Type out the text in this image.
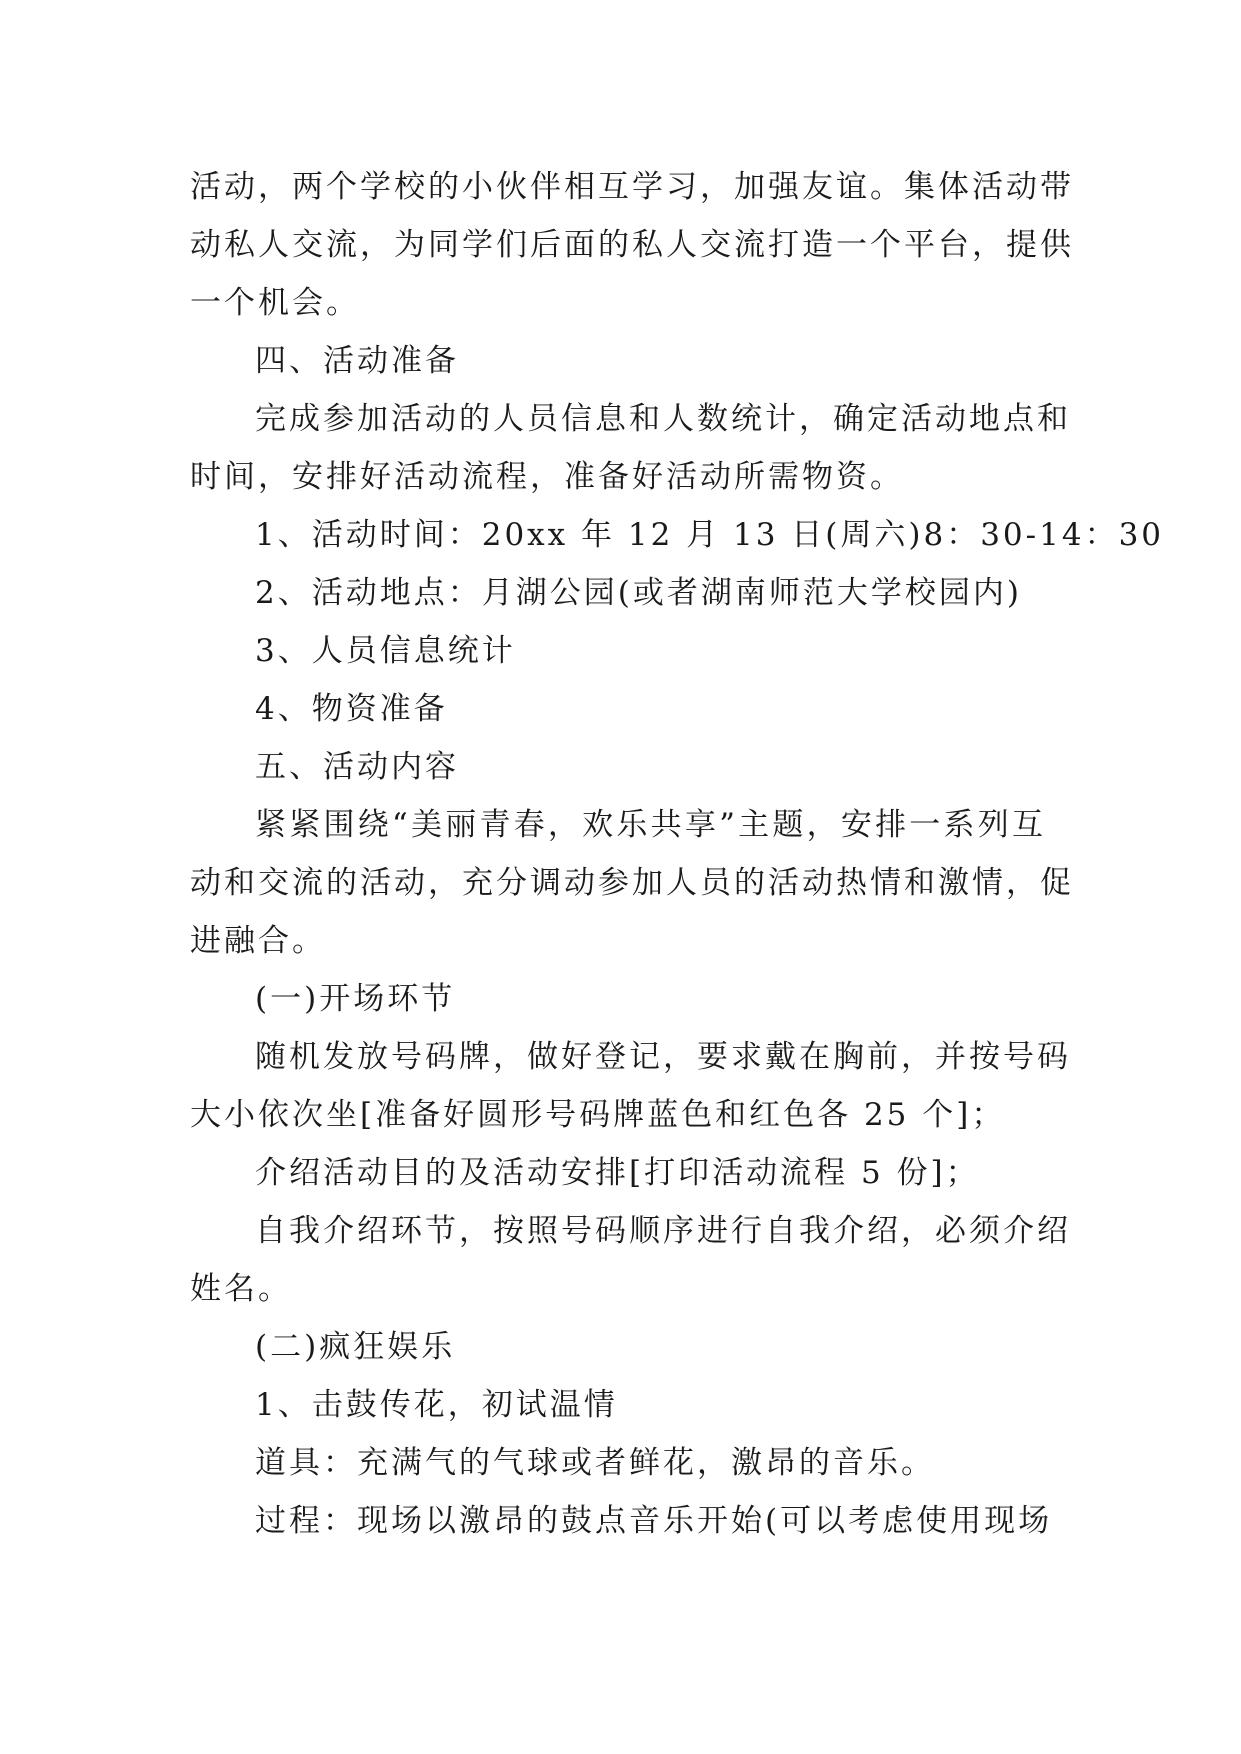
活动，两个学校的小伙伴相互学习，加强友谊。集体活动带
动私人交流，为同学们后面的私人交流打造一个平台，提供
一个机会。
四、活动准备
完成参加活动的人员信息和人数统计，确定活动地点和
时间，安排好活动流程，准备好活动所需物资。
1、活动时间：20xx 年 12 月 13 日(周六)8：30-14：30
2、活动地点：月湖公园(或者湖南师范大学校园内)
3、人员信息统计
4、物资准备
五、活动内容
紧紧围绕“美丽青春，欢乐共享”主题，安排一系列互
动和交流的活动，充分调动参加人员的活动热情和激情，促
进融合。
(一)开场环节
随机发放号码牌，做好登记，要求戴在胸前，并按号码
大小依次坐[准备好圆形号码牌蓝色和红色各 25 个]；
介绍活动目的及活动安排[打印活动流程 5 份]；
自我介绍环节，按照号码顺序进行自我介绍，必须介绍
姓名。
(二)疯狂娱乐
1、击鼓传花，初试温情
道具：充满气的气球或者鲜花，激昂的音乐。
过程：现场以激昂的鼓点音乐开始(可以考虑使用现场
